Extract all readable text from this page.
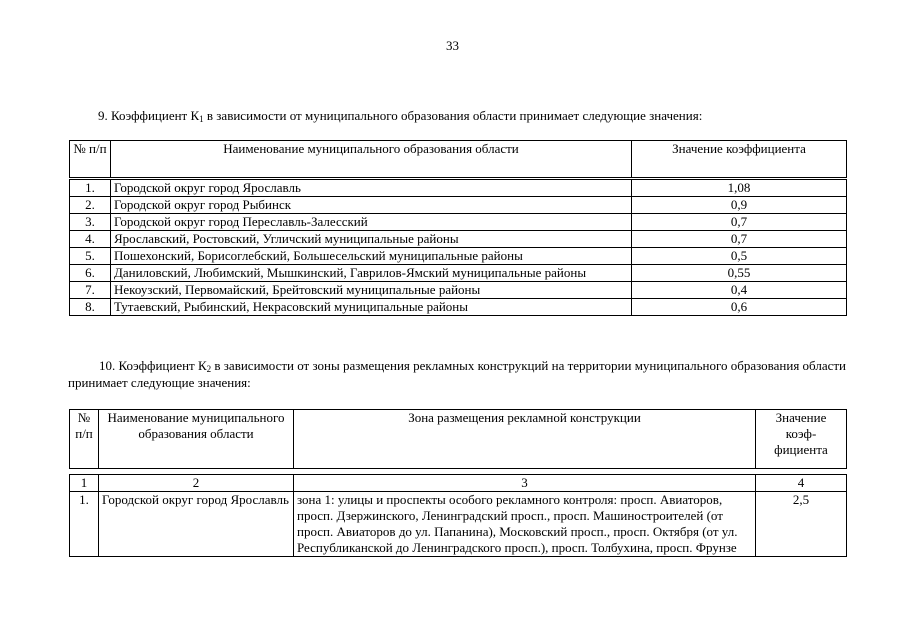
33
9. Коэффициент $К_1$ в зависимости от муниципального образования области принимает следующие значения:
№ п/п	Наименование муниципального образования области	Значение коэффициента
1.	Городской округ город Ярославль	1,08
2.	Городской округ город Рыбинск	0,9
3.	Городской округ город Переславль-Залесский	0,7
4.	Ярославский, Ростовский, Угличский муниципальные районы	0,7
5.	Пошехонский, Борисоглебский, Большесельский муниципальные районы	0,5
6.	Даниловский, Любимский, Мышкинский, Гаврилов-Ямский муниципальные районы	0,55
7.	Некоузский, Первомайский, Брейтовский муниципальные районы	0,4
8.	Тутаевский, Рыбинский, Некрасовский муниципальные районы	0,6
10. Коэффициент $К_2$ в зависимости от зоны размещения рекламных конструкций на территории муниципального образования области принимает следующие значения:
№ п/п	Наименование муниципального образования области	Зона размещения рекламной конструкции	Значение коэф- фициента
1	2	3	4
1.	Городской округ город Ярославль	зона 1: улицы и проспекты особого рекламного контроля: просп. Авиаторов, просп. Дзержинского, Ленинградский просп., просп. Машиностроителей (от просп. Авиаторов до ул. Папанина), Московский просп., просп. Октября (от ул. Республиканской до Ленинградского просп.), просп. Толбухина, просп. Фрунзе	2,5
